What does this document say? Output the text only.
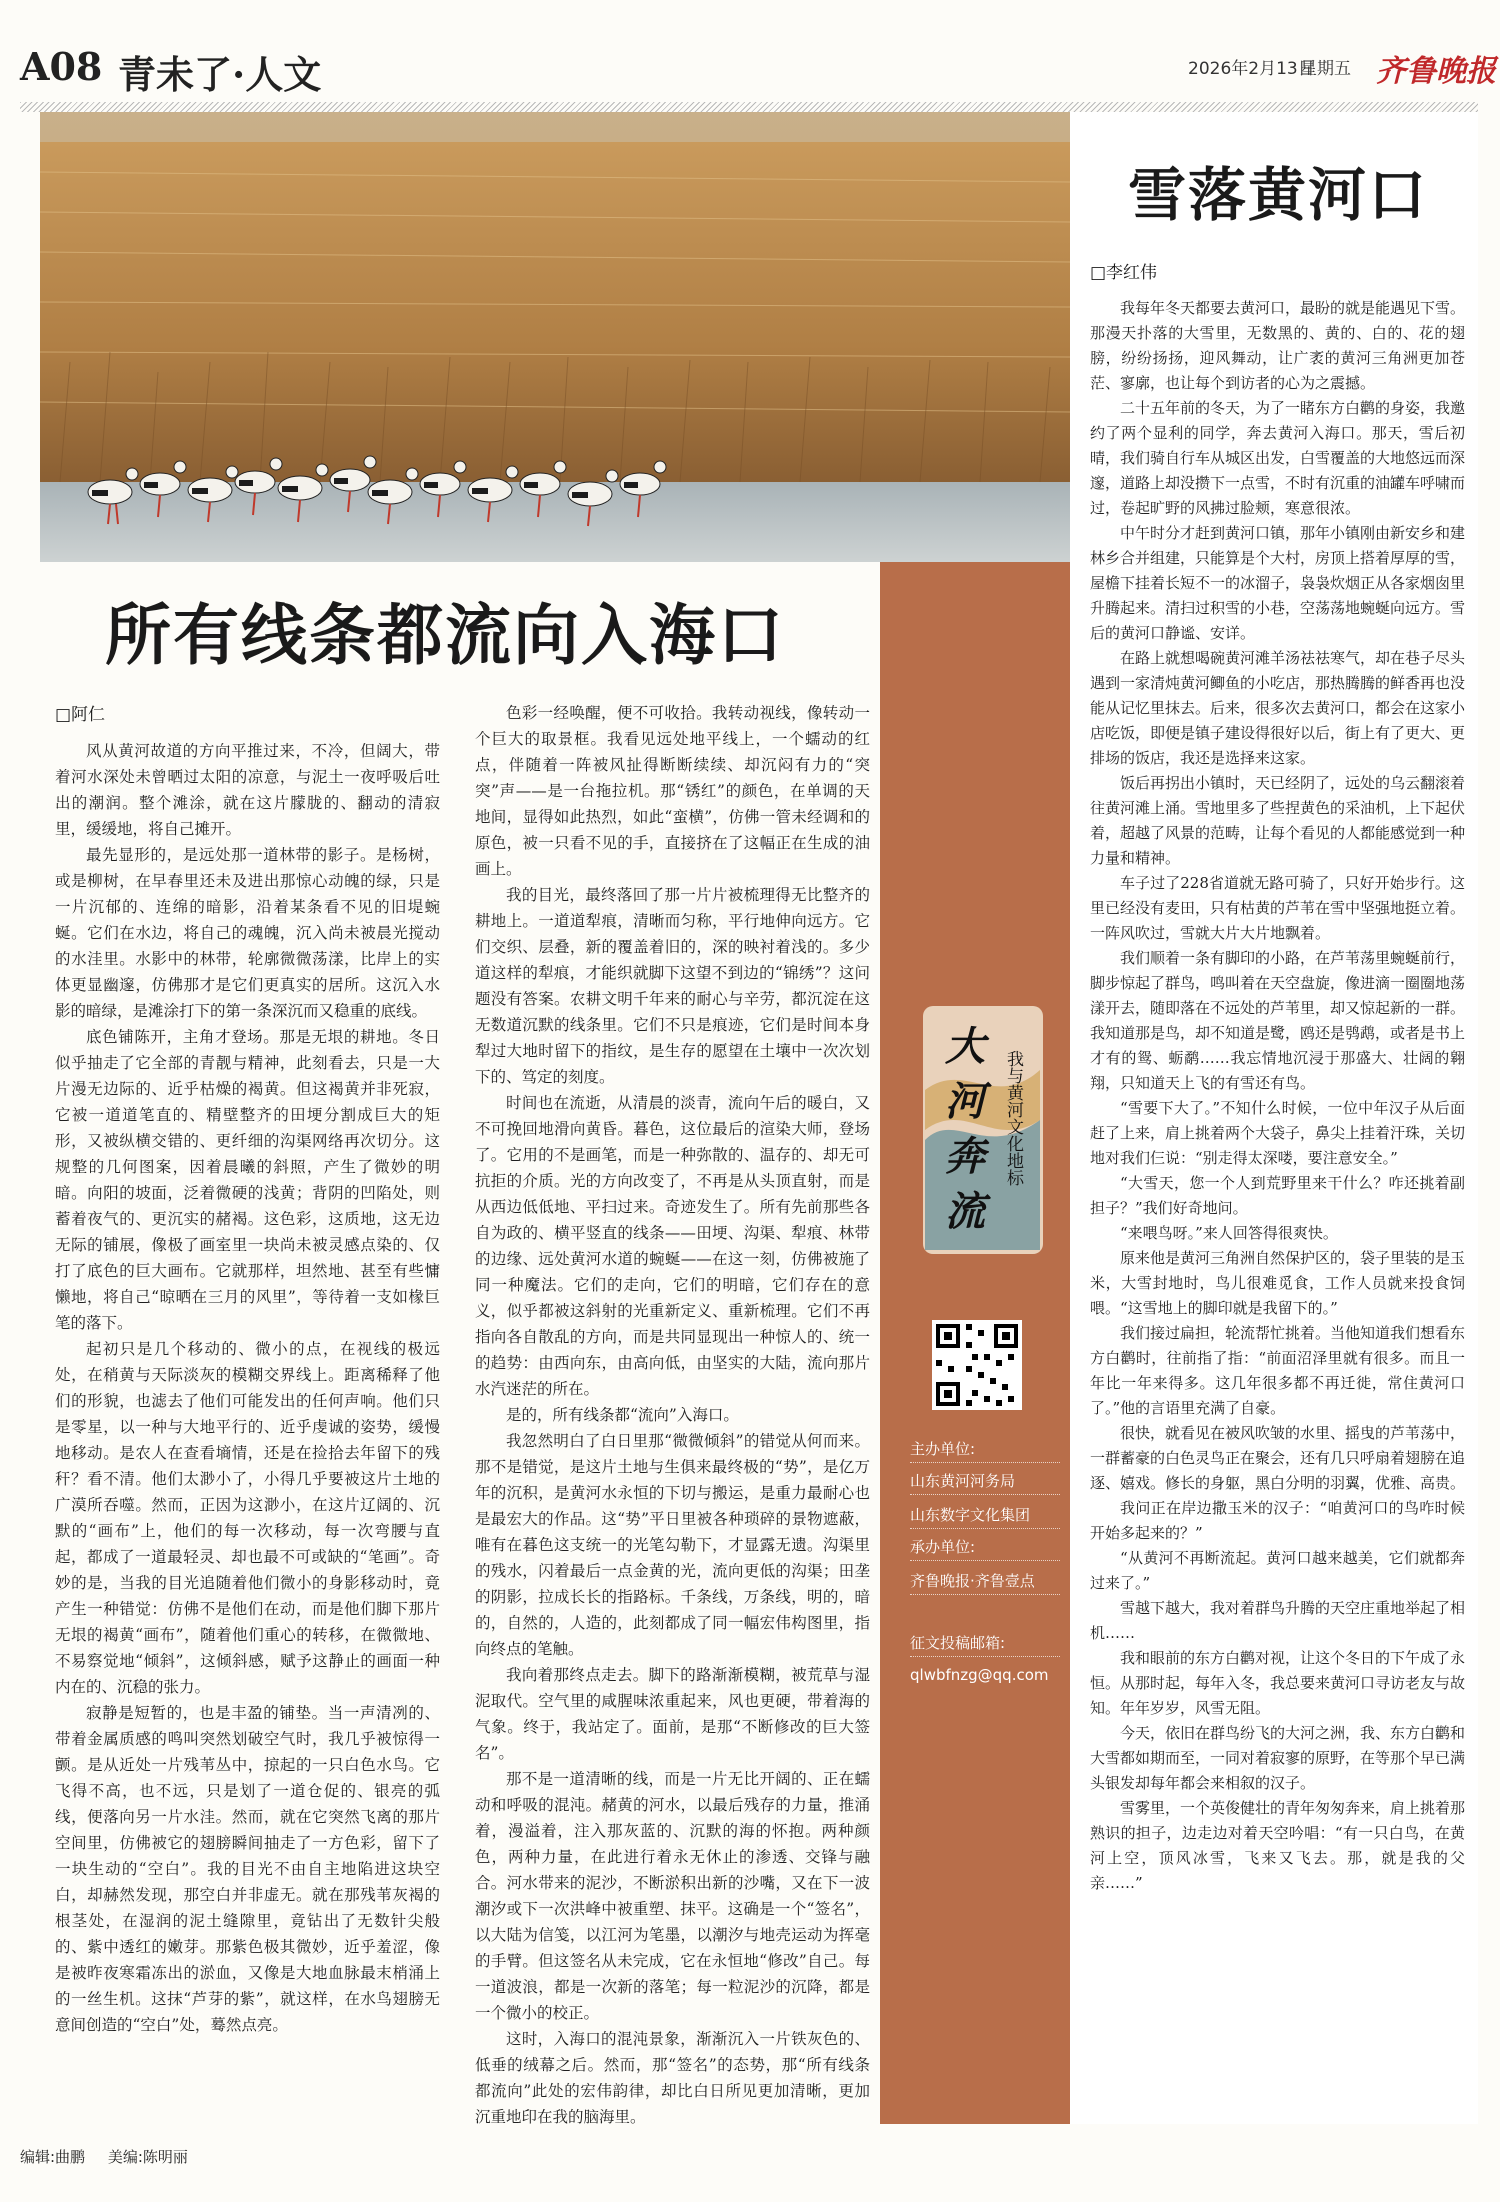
A08 青未了·人文	2026年2月13日
星期五 齐鲁晚报
所有线条都流向入海口
□阿仁

风从黄河故道的方向平推过来，不冷，但阔大，带着河水深处未曾晒过太阳的凉意，与泥土一夜呼吸后吐出的潮润。整个滩涂，就在这片朦胧的、翻动的清寂里，缓缓地，将自己摊开。

最先显形的，是远处那一道林带的影子。是杨树，或是柳树，在早春里还未及进出那惊心动魄的绿，只是一片沉郁的、连绵的暗影，沿着某条看不见的旧堤蜿蜒。它们在水边，将自己的魂魄，沉入尚未被晨光搅动的水洼里。水影中的林带，轮廓微微荡漾，比岸上的实体更显幽邃，仿佛那才是它们更真实的居所。这沉入水影的暗绿，是滩涂打下的第一条深沉而又稳重的底线。

底色铺陈开，主角才登场。那是无垠的耕地。冬日似乎抽走了它全部的青靓与精神，此刻看去，只是一大片漫无边际的、近乎枯燥的褐黄。但这褐黄并非死寂，它被一道道笔直的、精壁整齐的田埂分割成巨大的矩形，又被纵横交错的、更纤细的沟渠网络再次切分。这规整的几何图案，因着晨曦的斜照，产生了微妙的明暗。向阳的坡面，泛着微硬的浅黄；背阴的凹陷处，则蓄着夜气的、更沉实的赭褐。这色彩，这质地，这无边无际的铺展，像极了画室里一块尚未被灵感点染的、仅打了底色的巨大画布。它就那样，坦然地、甚至有些慵懒地，将自己“晾晒在三月的风里”，等待着一支如椽巨笔的落下。

起初只是几个移动的、微小的点，在视线的极远处，在稍黄与天际淡灰的模糊交界线上。距离稀释了他们的形貌，也滤去了他们可能发出的任何声响。他们只是零星，以一种与大地平行的、近乎虔诚的姿势，缓慢地移动。是农人在查看墒情，还是在捡拾去年留下的残秆？看不清。他们太渺小了，小得几乎要被这片土地的广漠所吞噬。然而，正因为这渺小，在这片辽阔的、沉默的“画布”上，他们的每一次移动，每一次弯腰与直起，都成了一道最轻灵、却也最不可或缺的“笔画”。奇妙的是，当我的目光追随着他们微小的身影移动时，竟产生一种错觉：仿佛不是他们在动，而是他们脚下那片无垠的褐黄“画布”，随着他们重心的转移，在微微地、不易察觉地“倾斜”，这倾斜感，赋予这静止的画面一种内在的、沉稳的张力。

寂静是短暂的，也是丰盈的铺垫。当一声清冽的、带着金属质感的鸣叫突然划破空气时，我几乎被惊得一颤。是从近处一片残苇丛中，掠起的一只白色水鸟。它飞得不高，也不远，只是划了一道仓促的、银亮的弧线，便落向另一片水洼。然而，就在它突然飞离的那片空间里，仿佛被它的翅膀瞬间抽走了一方色彩，留下了一块生动的“空白”。我的目光不由自主地陷进这块空白，却赫然发现，那空白并非虚无。就在那残苇灰褐的根茎处，在湿润的泥土缝隙里，竟钻出了无数针尖般的、紫中透红的嫩芽。那紫色极其微妙，近乎羞涩，像是被昨夜寒霜冻出的淤血，又像是大地血脉最末梢涌上的一丝生机。这抹“芦芽的紫”，就这样，在水鸟翅膀无意间创造的“空白”处，蓦然点亮。

色彩一经唤醒，便不可收拾。我转动视线，像转动一个巨大的取景框。我看见远处地平线上，一个蠕动的红点，伴随着一阵被风扯得断断续续、却沉闷有力的“突突”声——是一台拖拉机。那“锈红”的颜色，在单调的天地间，显得如此热烈，如此“蛮横”，仿佛一管未经调和的原色，被一只看不见的手，直接挤在了这幅正在生成的油画上。

我的目光，最终落回了那一片片被梳理得无比整齐的耕地上。一道道犁痕，清晰而匀称，平行地伸向远方。它们交织、层叠，新的覆盖着旧的，深的映衬着浅的。多少道这样的犁痕，才能织就脚下这望不到边的“锦绣”？这问题没有答案。农耕文明千年来的耐心与辛劳，都沉淀在这无数道沉默的线条里。它们不只是痕迹，它们是时间本身犁过大地时留下的指纹，是生存的愿望在土壤中一次次划下的、笃定的刻度。

时间也在流逝，从清晨的淡青，流向午后的暖白，又不可挽回地滑向黄昏。暮色，这位最后的渲染大师，登场了。它用的不是画笔，而是一种弥散的、温存的、却无可抗拒的介质。光的方向改变了，不再是从头顶直射，而是从西边低低地、平扫过来。奇迹发生了。所有先前那些各自为政的、横平竖直的线条——田埂、沟渠、犁痕、林带的边缘、远处黄河水道的蜿蜒——在这一刻，仿佛被施了同一种魔法。它们的走向，它们的明暗，它们存在的意义，似乎都被这斜射的光重新定义、重新梳理。它们不再指向各自散乱的方向，而是共同显现出一种惊人的、统一的趋势：由西向东，由高向低，由坚实的大陆，流向那片水汽迷茫的所在。

是的，所有线条都“流向”入海口。

我忽然明白了白日里那“微微倾斜”的错觉从何而来。那不是错觉，是这片土地与生俱来最终极的“势”，是亿万年的沉积，是黄河水永恒的下切与搬运，是重力最耐心也是最宏大的作品。这“势”平日里被各种琐碎的景物遮蔽，唯有在暮色这支统一的光笔勾勒下，才显露无遗。沟渠里的残水，闪着最后一点金黄的光，流向更低的沟渠；田垄的阴影，拉成长长的指路标。千条线，万条线，明的，暗的，自然的，人造的，此刻都成了同一幅宏伟构图里，指向终点的笔触。

我向着那终点走去。脚下的路渐渐模糊，被荒草与湿泥取代。空气里的咸腥味浓重起来，风也更硬，带着海的气象。终于，我站定了。面前，是那“不断修改的巨大签名”。

那不是一道清晰的线，而是一片无比开阔的、正在蠕动和呼吸的混沌。赭黄的河水，以最后残存的力量，推涌着，漫溢着，注入那灰蓝的、沉默的海的怀抱。两种颜色，两种力量，在此进行着永无休止的渗透、交锋与融合。河水带来的泥沙，不断淤积出新的沙嘴，又在下一波潮汐或下一次洪峰中被重塑、抹平。这确是一个“签名”，以大陆为信笺，以江河为笔墨，以潮汐与地壳运动为挥毫的手臂。但这签名从未完成，它在永恒地“修改”自己。每一道波浪，都是一次新的落笔；每一粒泥沙的沉降，都是一个微小的校正。

这时，入海口的混沌景象，渐渐沉入一片铁灰色的、低垂的绒幕之后。然而，那“签名”的态势，那“所有线条都流向”此处的宏伟韵律，却比白日所见更加清晰，更加沉重地印在我的脑海里。

大
河
奔
流
我与黄河文化地标
主办单位:
山东黄河河务局
山东数字文化集团
承办单位:
齐鲁晚报·齐鲁壹点
征文投稿邮箱:
qlwbfnzg@qq.com
雪落黄河口
□李红伟

我每年冬天都要去黄河口，最盼的就是能遇见下雪。那漫天扑落的大雪里，无数黑的、黄的、白的、花的翅膀，纷纷扬扬，迎风舞动，让广袤的黄河三角洲更加苍茫、寥廓，也让每个到访者的心为之震撼。

二十五年前的冬天，为了一睹东方白鹳的身姿，我邀约了两个显利的同学，奔去黄河入海口。那天，雪后初晴，我们骑自行车从城区出发，白雪覆盖的大地悠远而深邃，道路上却没攒下一点雪，不时有沉重的油罐车呼啸而过，卷起旷野的风拂过脸颊，寒意很浓。

中午时分才赶到黄河口镇，那年小镇刚由新安乡和建林乡合并组建，只能算是个大村，房顶上搭着厚厚的雪，屋檐下挂着长短不一的冰溜子，袅袅炊烟正从各家烟囱里升腾起来。清扫过积雪的小巷，空荡荡地蜿蜒向远方。雪后的黄河口静谧、安详。

在路上就想喝碗黄河滩羊汤祛祛寒气，却在巷子尽头遇到一家清炖黄河鲫鱼的小吃店，那热腾腾的鲜香再也没能从记忆里抹去。后来，很多次去黄河口，都会在这家小店吃饭，即便是镇子建设得很好以后，街上有了更大、更排场的饭店，我还是选择来这家。

饭后再拐出小镇时，天已经阴了，远处的乌云翻滚着往黄河滩上涌。雪地里多了些捏黄色的采油机，上下起伏着，超越了风景的范畴，让每个看见的人都能感觉到一种力量和精神。

车子过了228省道就无路可骑了，只好开始步行。这里已经没有麦田，只有枯黄的芦苇在雪中坚强地挺立着。一阵风吹过，雪就大片大片地飘着。

我们顺着一条有脚印的小路，在芦苇荡里蜿蜒前行，脚步惊起了群鸟，鸣叫着在天空盘旋，像进滴一圈圈地荡漾开去，随即落在不远处的芦苇里，却又惊起新的一群。我知道那是鸟，却不知道是鹭，鸥还是鸮鹉，或者是书上才有的鸳、蛎鹬……我忘情地沉浸于那盛大、壮阔的翱翔，只知道天上飞的有雪还有鸟。

“雪要下大了。”不知什么时候，一位中年汉子从后面赶了上来，肩上挑着两个大袋子，鼻尖上挂着汗珠，关切地对我们仨说：“别走得太深喽，要注意安全。”

“大雪天，您一个人到荒野里来干什么？咋还挑着副担子？”我们好奇地问。

“来喂鸟呀。”来人回答得很爽快。

原来他是黄河三角洲自然保护区的，袋子里装的是玉米，大雪封地时，鸟儿很难觅食，工作人员就来投食饲喂。“这雪地上的脚印就是我留下的。”

我们接过扁担，轮流帮忙挑着。当他知道我们想看东方白鹳时，往前指了指：“前面沼泽里就有很多。而且一年比一年来得多。这几年很多都不再迁徙，常住黄河口了。”他的言语里充满了自豪。

很快，就看见在被风吹皱的水里、摇曳的芦苇荡中，一群蓄豪的白色灵鸟正在聚会，还有几只呼扇着翅膀在追逐、嬉戏。修长的身躯，黑白分明的羽翼，优雅、高贵。

我问正在岸边撒玉米的汉子：“咱黄河口的鸟咋时候开始多起来的？”

“从黄河不再断流起。黄河口越来越美，它们就都奔过来了。”

雪越下越大，我对着群鸟升腾的天空庄重地举起了相机……

我和眼前的东方白鹳对视，让这个冬日的下午成了永恒。从那时起，每年入冬，我总要来黄河口寻访老友与故知。年年岁岁，风雪无阻。

今天，依旧在群鸟纷飞的大河之洲，我、东方白鹳和大雪都如期而至，一同对着寂寥的原野，在等那个早已满头银发却每年都会来相叙的汉子。

雪雾里，一个英俊健壮的青年匆匆奔来，肩上挑着那熟识的担子，边走边对着天空吟唱：“有一只白鸟，在黄河上空，顶风冰雪，飞来又飞去。那，就是我的父亲……”

编辑:曲鹏 美编:陈明丽
